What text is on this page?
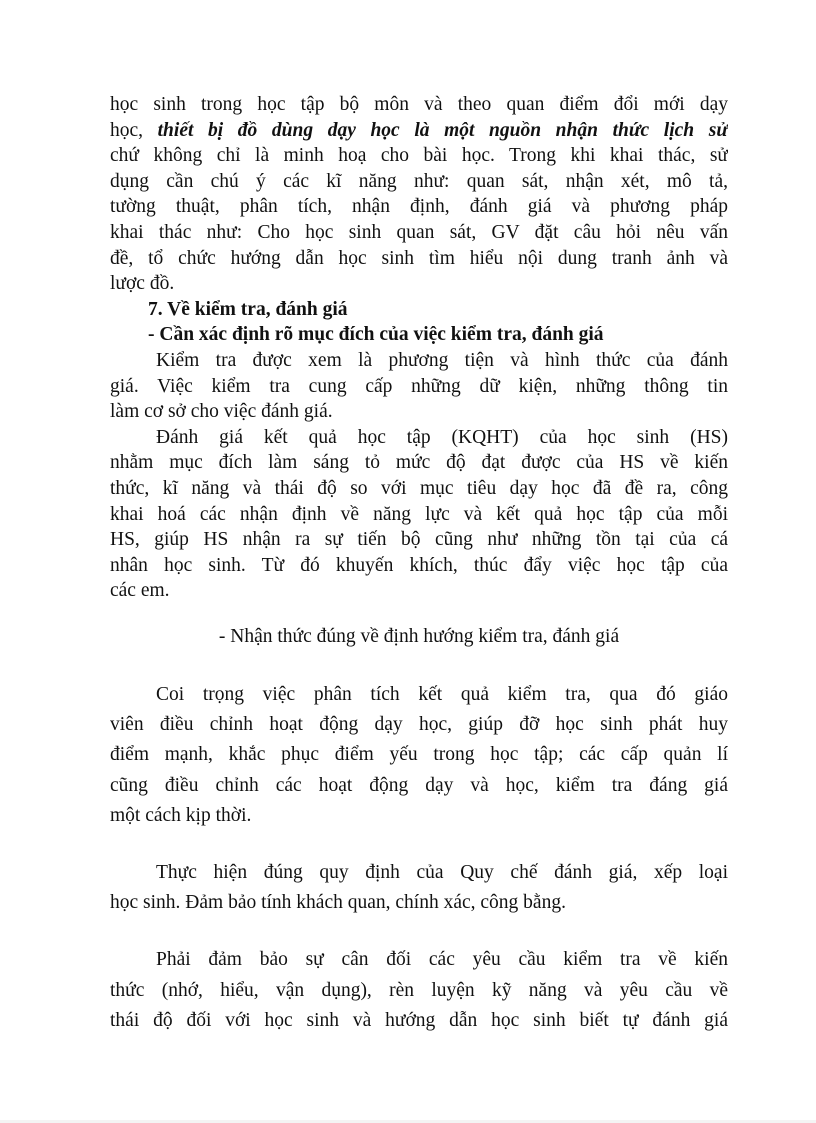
học sinh trong học tập bộ môn và theo quan điểm đổi mới dạy
học, thiết bị đồ dùng dạy học là một nguồn nhận thức lịch sử
chứ không chỉ là minh hoạ cho bài học. Trong khi khai thác, sử
dụng cần chú ý các kĩ năng như: quan sát, nhận xét, mô tả,
tường thuật, phân tích, nhận định, đánh giá và phương pháp
khai thác như: Cho học sinh quan sát, GV đặt câu hỏi nêu vấn
đề, tổ chức hướng dẫn học sinh tìm hiểu nội dung tranh ảnh và
lược đồ.
7. Về kiểm tra, đánh giá
- Cần xác định rõ mục đích của việc kiểm tra, đánh giá
Kiểm tra được xem là phương tiện và hình thức của đánh
giá. Việc kiểm tra cung cấp những dữ kiện, những thông tin
làm cơ sở cho việc đánh giá.
Đánh giá kết quả học tập (KQHT) của học sinh (HS)
nhằm mục đích làm sáng tỏ mức độ đạt được của HS về kiến
thức, kĩ năng và thái độ so với mục tiêu dạy học đã đề ra, công
khai hoá các nhận định về năng lực và kết quả học tập của mỗi
HS, giúp HS nhận ra sự tiến bộ cũng như những tồn tại của cá
nhân học sinh. Từ đó khuyến khích, thúc đẩy việc học tập của
các em.
- Nhận thức đúng về định hướng kiểm tra, đánh giá
Coi trọng việc phân tích kết quả kiểm tra, qua đó giáo
viên điều chỉnh hoạt động dạy học, giúp đỡ học sinh phát huy
điểm mạnh, khắc phục điểm yếu trong học tập; các cấp quản lí
cũng điều chỉnh các hoạt động dạy và học, kiểm tra đáng giá
một cách kịp thời.
Thực hiện đúng quy định của Quy chế đánh giá, xếp loại
học sinh. Đảm bảo tính khách quan, chính xác, công bằng.
Phải đảm bảo sự cân đối các yêu cầu kiểm tra về kiến
thức (nhớ, hiểu, vận dụng), rèn luyện kỹ năng và yêu cầu về
thái độ đối với học sinh và hướng dẫn học sinh biết tự đánh giá
